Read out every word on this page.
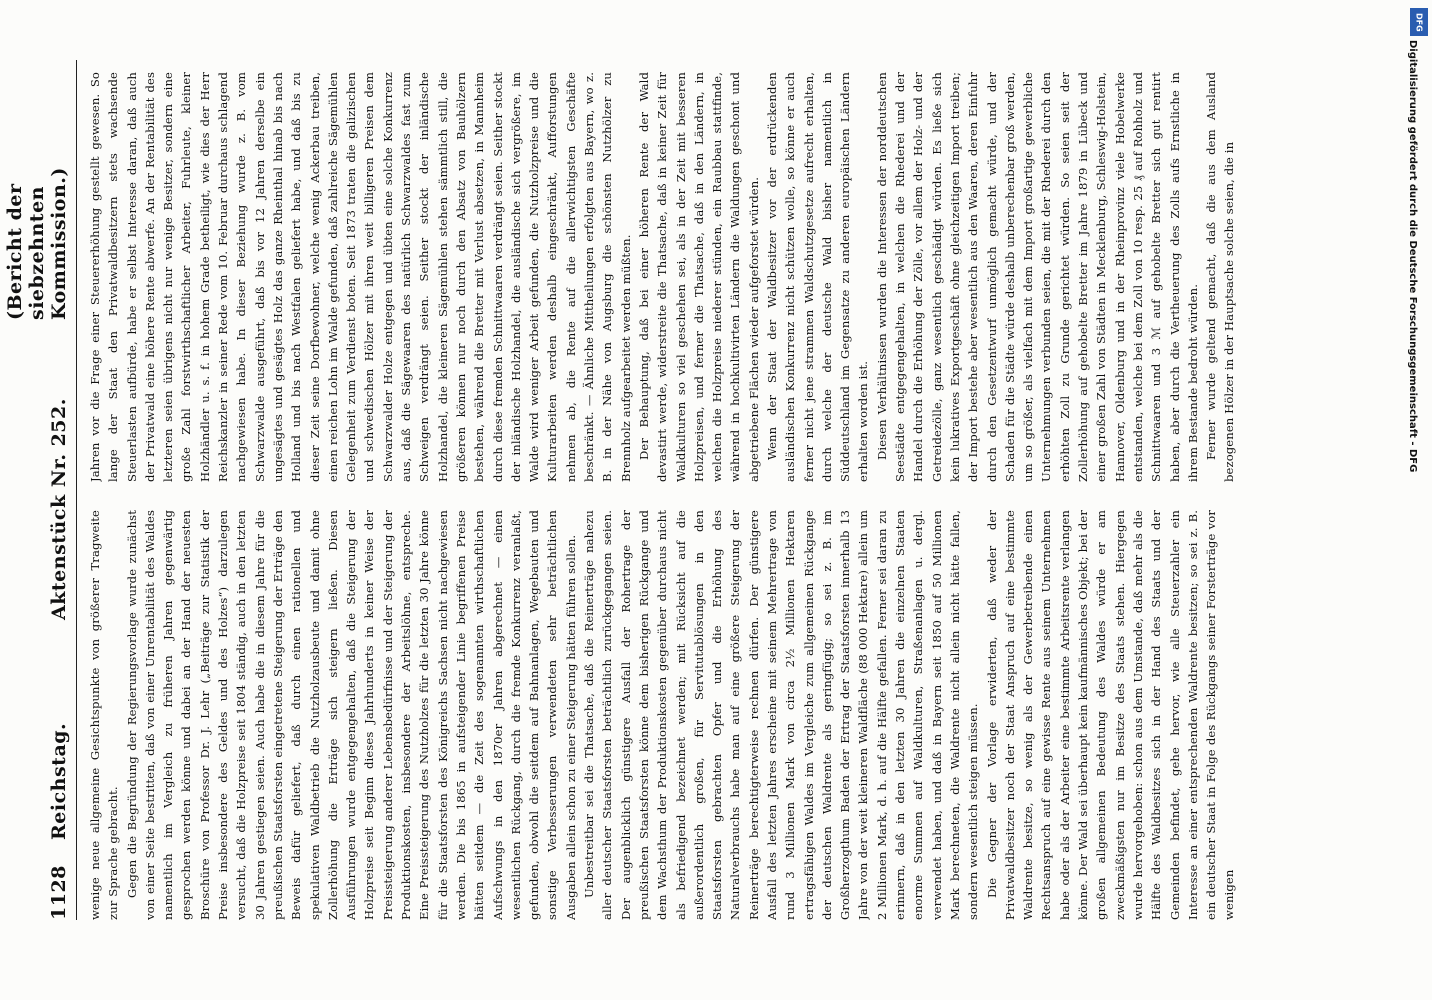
1128
Reichstag.
Aktenstück Nr. 252.
(Bericht der siebzehnten Kommission.)

wenige neue allgemeine Gesichtspunkte von größerer Tragweite zur Sprache gebracht. Gegen die Begründung der Regierungsvorlage wurde zunächst von einer Seite bestritten, daß von einer Unrentabilität des Waldes namentlich im Vergleich zu früheren Jahren gegenwärtig gesprochen werden könne und dabei an der Hand der neuesten Broschüre von Professor Dr. J. Lehr („Beiträge zur Statistik der Preise insbesondere des Geldes und des Holzes“) darzulegen versucht, daß die Holzpreise seit 1804 ständig, auch in den letzten 30 Jahren gestiegen seien. Auch habe die in diesem Jahre für die preußischen Staatsforsten eingetretene Steigerung der Erträge den Beweis dafür geliefert, daß durch einen rationellen und spekulativen Waldbetrieb die Nutzholzausbeute und damit ohne Zollerhöhung die Erträge sich steigern ließen. Diesen Ausführungen wurde entgegengehalten, daß die Steigerung der Holzpreise seit Beginn dieses Jahrhunderts in keiner Weise der Preissteigerung anderer Lebensbedürfnisse und der Steigerung der Produktionskosten, insbesondere der Arbeitslöhne, entspreche. Eine Preissteigerung des Nutzholzes für die letzten 30 Jahre könne für die Staatsforsten des Königreichs Sachsen nicht nachgewiesen werden. Die bis 1865 in aufsteigender Linie begriffenen Preise hätten seitdem — die Zeit des sogenannten wirthschaftlichen Aufschwungs in den 1870er Jahren abgerechnet — einen wesentlichen Rückgang, durch die fremde Konkurrenz veranlaßt, gefunden, obwohl die seitdem auf Bahnanlagen, Wegebauten und sonstige Verbesserungen verwendeten sehr beträchtlichen Ausgaben allein schon zu einer Steigerung hätten führen sollen. Unbestreitbar sei die Thatsache, daß die Reinerträge nahezu aller deutscher Staatsforsten beträchtlich zurückgegangen seien. Der augenblicklich günstigere Ausfall der Rohertrage der preußischen Staatsforsten könne dem bisherigen Rückgange und dem Wachsthum der Produktionskosten gegenüber durchaus nicht als befriedigend bezeichnet werden; mit Rücksicht auf die außerordentlich großen, für Servitutablösungen in den Staatsforsten gebrachten Opfer und die Erhöhung des Naturalverbrauchs habe man auf eine größere Steigerung der Reinerträge berechtigterweise rechnen dürfen. Der günstigere Ausfall des letzten Jahres erscheine mit seinem Mehrertrage von rund 3 Millionen Mark von circa 2½ Millionen Hektaren ertragsfähigen Waldes im Vergleiche zum allgemeinen Rückgange der deutschen Waldrente als geringfügig; so sei z. B. im Großherzogthum Baden der Ertrag der Staatsforsten innerhalb 13 Jahre von der weit kleineren Waldfläche (88 000 Hektare) allein um 2 Millionen Mark, d. h. auf die Hälfte gefallen. Ferner sei daran zu erinnern, daß in den letzten 30 Jahren die einzelnen Staaten enorme Summen auf Waldkulturen, Straßenanlagen u. dergl. verwendet haben, und daß in Bayern seit 1850 auf 50 Millionen Mark berechneten, die Waldrente nicht allein nicht hätte fallen, sondern wesentlich steigen müssen. Die Gegner der Vorlage erwiderten, daß weder der Privatwaldbesitzer noch der Staat Anspruch auf eine bestimmte Waldrente besitze, so wenig als der Gewerbetreibende einen Rechtsanspruch auf eine gewisse Rente aus seinem Unternehmen habe oder als der Arbeiter eine bestimmte Arbeitsrente verlangen könne. Der Wald sei überhaupt kein kaufmännisches Objekt; bei der großen allgemeinen Bedeutung des Waldes würde er am zweckmäßigsten nur im Besitze des Staats stehen. Hiergegen wurde hervorgehoben: schon aus dem Umstande, daß mehr als die Hälfte des Waldbesitzes sich in der Hand des Staats und der Gemeinden befindet, gehe hervor, wie alle Steuerzahler ein Interesse an einer entsprechenden Waldrente besitzen; so sei z. B. ein deutscher Staat in Folge des Rückgangs seiner Forsterträge vor wenigen

Jahren vor die Frage einer Steuererhöhung gestellt gewesen. So lange der Staat den Privatwaldbesitzern stets wachsende Steuerlasten aufbürde, habe er selbst Interesse daran, daß auch der Privatwald eine höhere Rente abwerfe. An der Rentabilität des letzteren seien übrigens nicht nur wenige Besitzer, sondern eine große Zahl forstwirthschaftlicher Arbeiter, Fuhrleute, kleiner Holzhändler u. s. f. in hohem Grade betheiligt, wie dies der Herr Reichskanzler in seiner Rede vom 10. Februar durchaus schlagend nachgewiesen habe. In dieser Beziehung wurde z. B. vom Schwarzwalde ausgeführt, daß bis vor 12 Jahren derselbe ein ungesägtes und gesägtes Holz das ganze Rheinthal hinab bis nach Holland und bis nach Westfalen geliefert habe, und daß bis zu dieser Zeit seine Dorfbewohner, welche wenig Ackerbau treiben, einen reichen Lohn im Walde gefunden, daß zahlreiche Sägemühlen Gelegenheit zum Verdienst boten. Seit 1873 traten die galizischen und schwedischen Hölzer mit ihren weit billigeren Preisen dem Schwarzwalder Holze entgegen und übten eine solche Konkurrenz aus, daß die Sägewaaren des natürlich Schwarzwaldes fast zum Schweigen verdrängt seien. Seither stockt der inländische Holzhandel, die kleineren Sägemühlen stehen sämmtlich still, die größeren können nur noch durch den Absatz von Bauhölzern bestehen, während die Bretter mit Verlust absetzen, in Mannheim durch diese fremden Schnittwaaren verdrängt seien. Seither stockt der inländische Holzhandel, die ausländische sich vergrößere, im Walde wird weniger Arbeit gefunden, die Nutzholzpreise und die Kulturarbeiten werden deshalb eingeschränkt, Aufforstungen nehmen ab, die Rente auf die allerwichtigsten Geschäfte beschränkt. — Ähnliche Mittheilungen erfolgten aus Bayern, wo z. B. in der Nähe von Augsburg die schönsten Nutzhölzer zu Brennholz aufgearbeitet werden müßten. Der Behauptung, daß bei einer höheren Rente der Wald devastirt werde, widerstreite die Thatsache, daß in keiner Zeit für Waldkulturen so viel geschehen sei, als in der Zeit mit besseren Holzpreisen, und ferner die Thatsache, daß in den Ländern, in welchen die Holzpreise niederer stünden, ein Raubbau stattfinde, während in hochkultivirten Ländern die Waldungen geschont und abgetriebene Flächen wieder aufgeforstet würden. Wenn der Staat der Waldbesitzer vor der erdrückenden ausländischen Konkurrenz nicht schützen wolle, so könne er auch ferner nicht jene strammen Waldschutzgesetze aufrecht erhalten, durch welche der deutsche Wald bisher namentlich in Süddeutschland im Gegensatze zu anderen europäischen Ländern erhalten worden ist. Diesen Verhältnissen wurden die Interessen der norddeutschen Seestädte entgegengehalten, in welchen die Rhederei und der Handel durch die Erhöhung der Zölle, vor allem der Holz- und der Getreidezölle, ganz wesentlich geschädigt würden. Es ließe sich kein lukratives Exportgeschäft ohne gleichzeitigen Import treiben; der Import bestehe aber wesentlich aus den Waaren, deren Einfuhr durch den Gesetzentwurf unmöglich gemacht würde, und der Schaden für die Städte würde deshalb unberechenbar groß werden, um so größer, als vielfach mit dem Import großartige gewerbliche Unternehmungen verbunden seien, die mit der Rhederei durch den erhöhten Zoll zu Grunde gerichtet würden. So seien seit der Zollerhöhung auf gehobelte Bretter im Jahre 1879 in Lübeck und einer großen Zahl von Städten in Mecklenburg, Schleswig-Holstein, Hannover, Oldenburg und in der Rheinprovinz viele Hobelwerke entstanden, welche bei dem Zoll von 10 resp. 25 ₰ auf Rohholz und Schnittwaaren und 3 ℳ auf gehobelte Bretter sich gut rentirt haben, aber durch die Vertheuerung des Zolls aufs Ernstliche in ihrem Bestande bedroht würden. Ferner wurde geltend gemacht, daß die aus dem Ausland bezogenen Hölzer in der Hauptsache solche seien, die in

DFG
Digitalisierung gefördert durch die Deutsche Forschungsgemeinschaft - DFG
